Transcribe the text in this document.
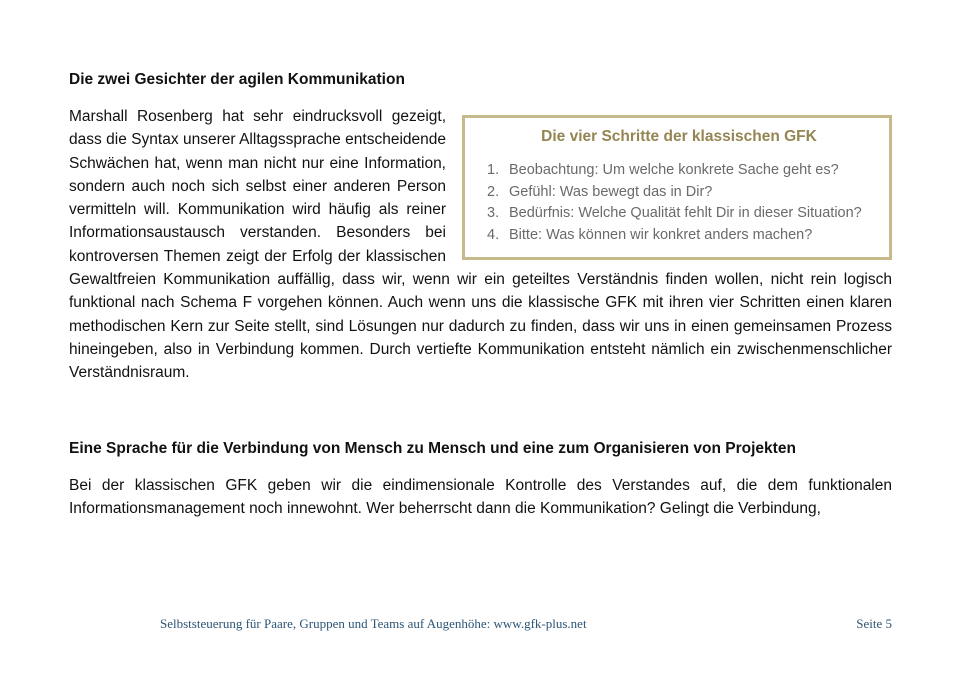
Die zwei Gesichter der agilen Kommunikation
Die vier Schritte der klassischen GFK
1. Beobachtung: Um welche konkrete Sache geht es?
2. Gefühl: Was bewegt das in Dir?
3. Bedürfnis: Welche Qualität fehlt Dir in dieser Situation?
4. Bitte: Was können wir konkret anders machen?

Marshall Rosenberg hat sehr eindrucksvoll gezeigt, dass die Syntax unserer Alltagssprache entscheidende Schwächen hat, wenn man nicht nur eine Information, sondern auch noch sich selbst einer anderen Person vermitteln will. Kommunikation wird häufig als reiner Informationsaustausch verstanden. Besonders bei kontroversen Themen zeigt der Erfolg der klassischen Gewaltfreien Kommunikation auffällig, dass wir, wenn wir ein geteiltes Verständnis finden wollen, nicht rein logisch funktional nach Schema F vorgehen können. Auch wenn uns die klassische GFK mit ihren vier Schritten einen klaren methodischen Kern zur Seite stellt, sind Lösungen nur dadurch zu finden, dass wir uns in einen gemeinsamen Prozess hineingeben, also in Verbindung kommen. Durch vertiefte Kommunikation entsteht nämlich ein zwischenmenschlicher Verständnisraum.

Eine Sprache für die Verbindung von Mensch zu Mensch und eine zum Organisieren von Projekten

Bei der klassischen GFK geben wir die eindimensionale Kontrolle des Verstandes auf, die dem funktionalen Informationsmanagement noch innewohnt. Wer beherrscht dann die Kommunikation? Gelingt die Verbindung,

Selbststeuerung für Paare, Gruppen und Teams auf Augenhöhe: www.gfk-plus.net	Seite 5
